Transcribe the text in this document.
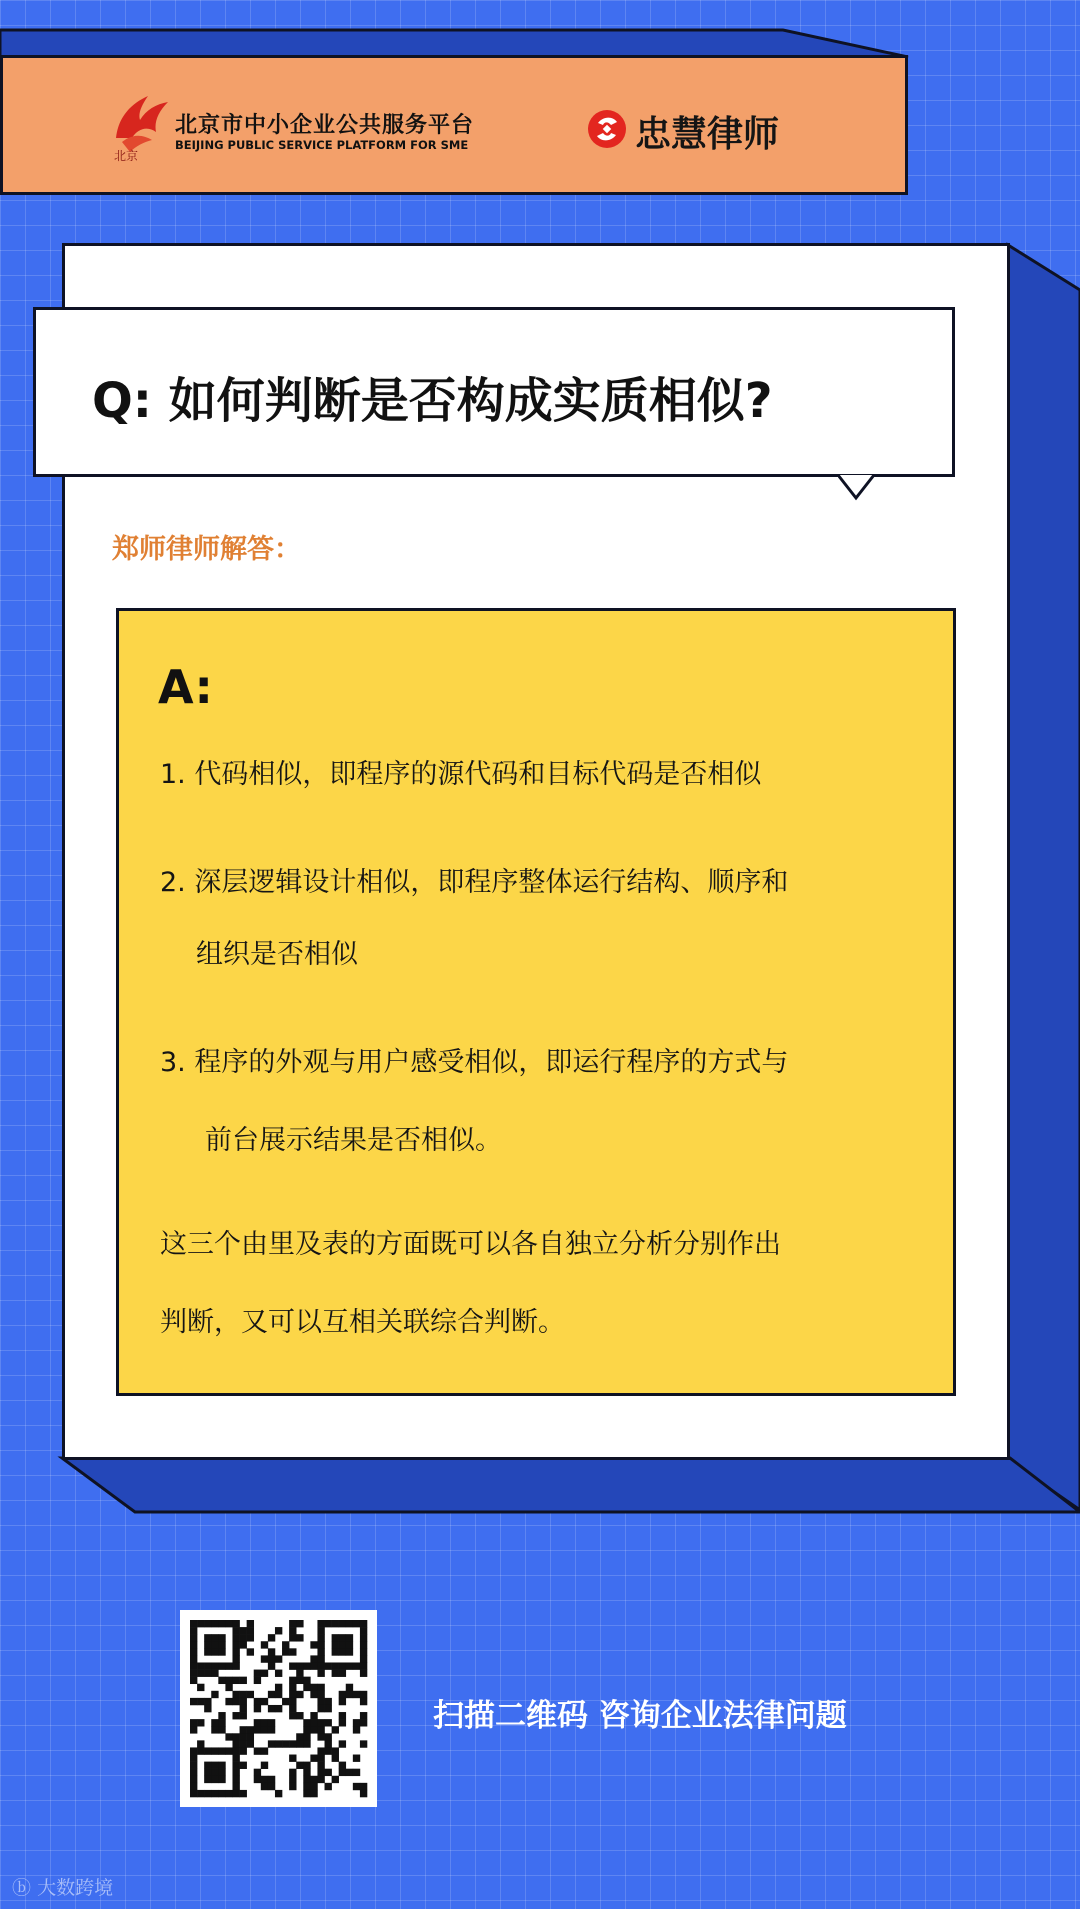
北京
北京市中小企业公共服务平台
BEIJING PUBLIC SERVICE PLATFORM FOR SME	忠慧律师
Q: 如何判断是否构成实质相似?
郑师律师解答：
A:
1. 代码相似，即程序的源代码和目标代码是否相似
2. 深层逻辑设计相似，即程序整体运行结构、顺序和
组织是否相似
3. 程序的外观与用户感受相似，即运行程序的方式与
前台展示结果是否相似。
这三个由里及表的方面既可以各自独立分析分别作出
判断，又可以互相关联综合判断。
扫描二维码 咨询企业法律问题
ⓑ 大数跨境
